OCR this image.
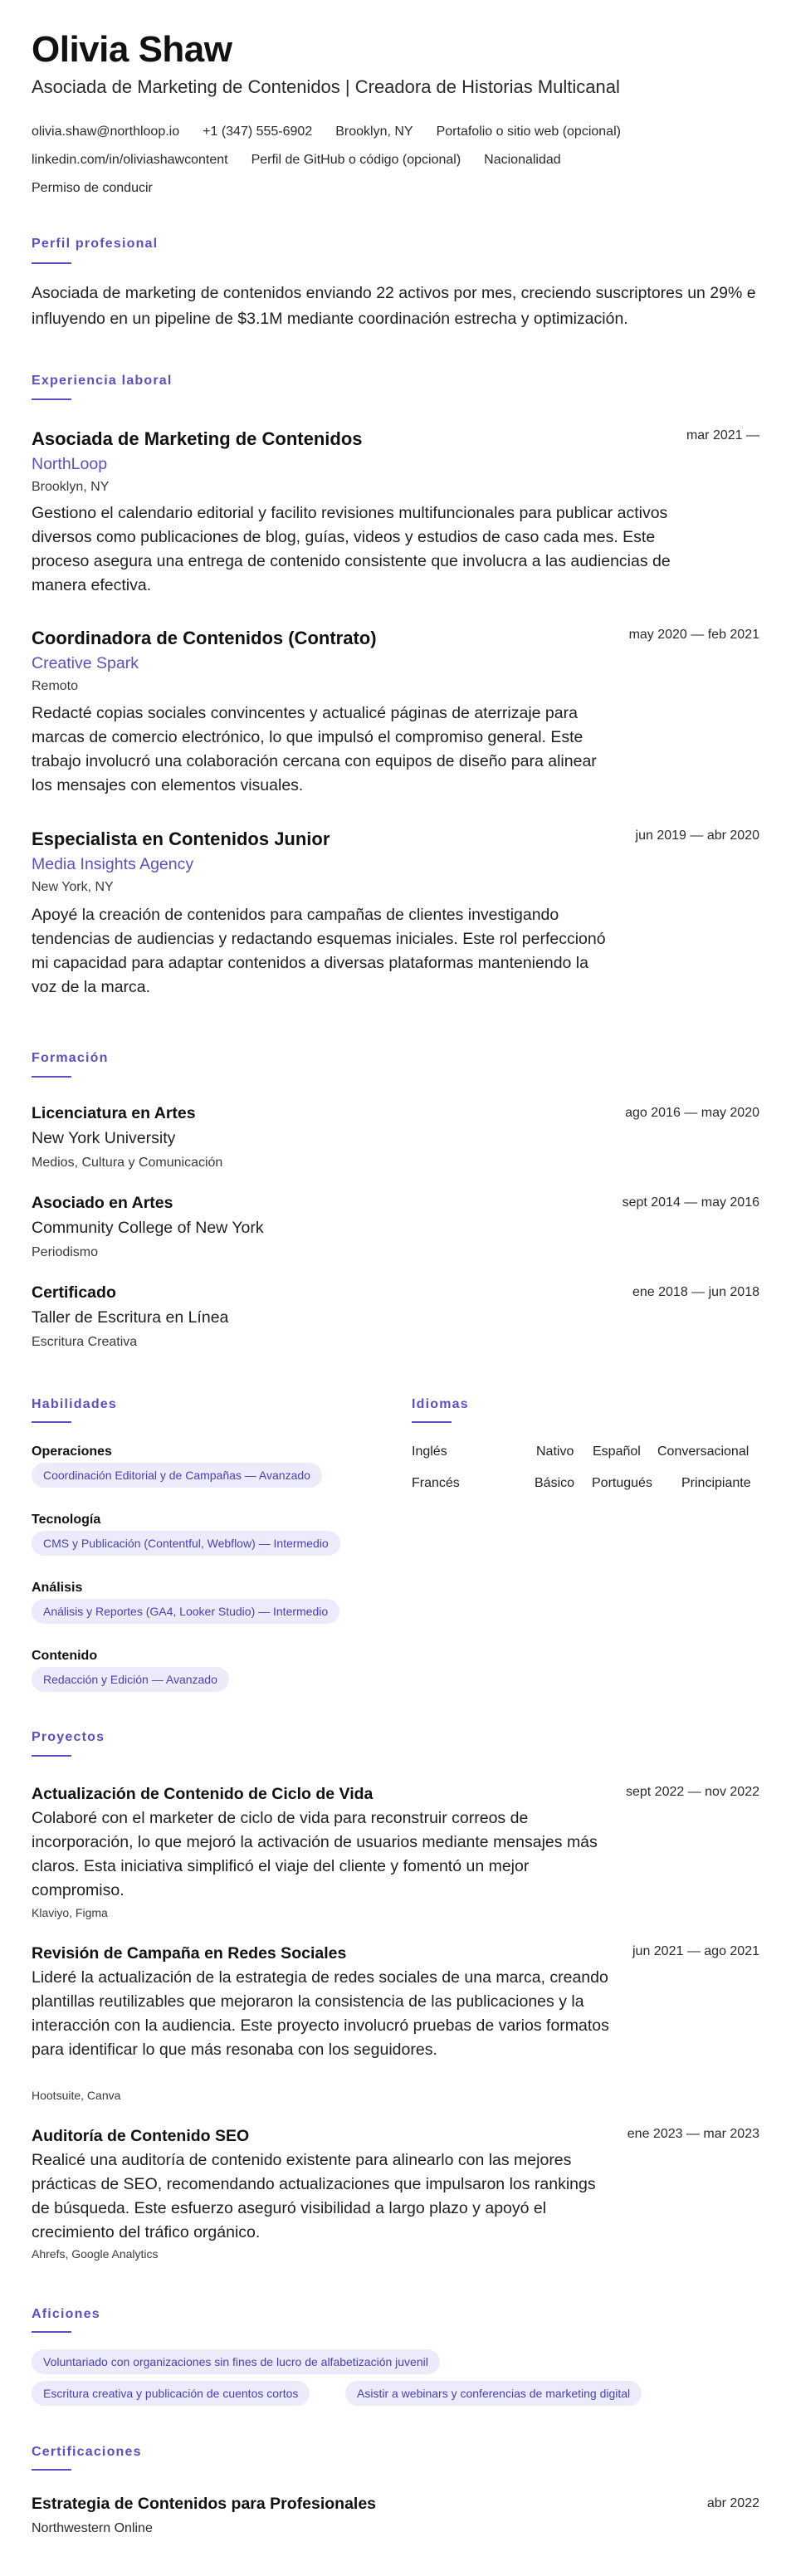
Olivia Shaw
Asociada de Marketing de Contenidos | Creadora de Historias Multicanal
olivia.shaw@northloop.io +1 (347) 555-6902 Brooklyn, NY Portafolio o sitio web (opcional)
linkedin.com/in/oliviashawcontent Perfil de GitHub o código (opcional) Nacionalidad
Permiso de conducir
Perfil profesional
Asociada de marketing de contenidos enviando 22 activos por mes, creciendo suscriptores un 29% e influyendo en un pipeline de $3.1M mediante coordinación estrecha y optimización.
Experiencia laboral
Asociada de Marketing de Contenidos	mar 2021 —
NorthLoop
Brooklyn, NY
Gestiono el calendario editorial y facilito revisiones multifuncionales para publicar activos diversos como publicaciones de blog, guías, videos y estudios de caso cada mes. Este proceso asegura una entrega de contenido consistente que involucra a las audiencias de manera efectiva.
Coordinadora de Contenidos (Contrato)	may 2020 — feb 2021
Creative Spark
Remoto
Redacté copias sociales convincentes y actualicé páginas de aterrizaje para marcas de comercio electrónico, lo que impulsó el compromiso general. Este trabajo involucró una colaboración cercana con equipos de diseño para alinear los mensajes con elementos visuales.
Especialista en Contenidos Junior	jun 2019 — abr 2020
Media Insights Agency
New York, NY
Apoyé la creación de contenidos para campañas de clientes investigando tendencias de audiencias y redactando esquemas iniciales. Este rol perfeccionó mi capacidad para adaptar contenidos a diversas plataformas manteniendo la voz de la marca.
Formación
Licenciatura en Artes	ago 2016 — may 2020
New York University
Medios, Cultura y Comunicación
Asociado en Artes	sept 2014 — may 2016
Community College of New York
Periodismo
Certificado	ene 2018 — jun 2018
Taller de Escritura en Línea
Escritura Creativa
Habilidades
Operaciones
Coordinación Editorial y de Campañas — Avanzado
Tecnología
CMS y Publicación (Contentful, Webflow) — Intermedio
Análisis
Análisis y Reportes (GA4, Looker Studio) — Intermedio
Contenido
Redacción y Edición — Avanzado
Idiomas
Inglés	Nativo Español Conversacional
Francés	Básico Portugués Principiante
Proyectos
Actualización de Contenido de Ciclo de Vida	sept 2022 — nov 2022
Colaboré con el marketer de ciclo de vida para reconstruir correos de incorporación, lo que mejoró la activación de usuarios mediante mensajes más claros. Esta iniciativa simplificó el viaje del cliente y fomentó un mejor compromiso.
Klaviyo, Figma
Revisión de Campaña en Redes Sociales	jun 2021 — ago 2021
Lideré la actualización de la estrategia de redes sociales de una marca, creando plantillas reutilizables que mejoraron la consistencia de las publicaciones y la interacción con la audiencia. Este proyecto involucró pruebas de varios formatos para identificar lo que más resonaba con los seguidores.
Hootsuite, Canva
Auditoría de Contenido SEO	ene 2023 — mar 2023
Realicé una auditoría de contenido existente para alinearlo con las mejores prácticas de SEO, recomendando actualizaciones que impulsaron los rankings de búsqueda. Este esfuerzo aseguró visibilidad a largo plazo y apoyó el crecimiento del tráfico orgánico.
Ahrefs, Google Analytics
Aficiones
Voluntariado con organizaciones sin fines de lucro de alfabetización juvenil
Escritura creativa y publicación de cuentos cortos	Asistir a webinars y conferencias de marketing digital
Certificaciones
Estrategia de Contenidos para Profesionales	abr 2022
Northwestern Online
